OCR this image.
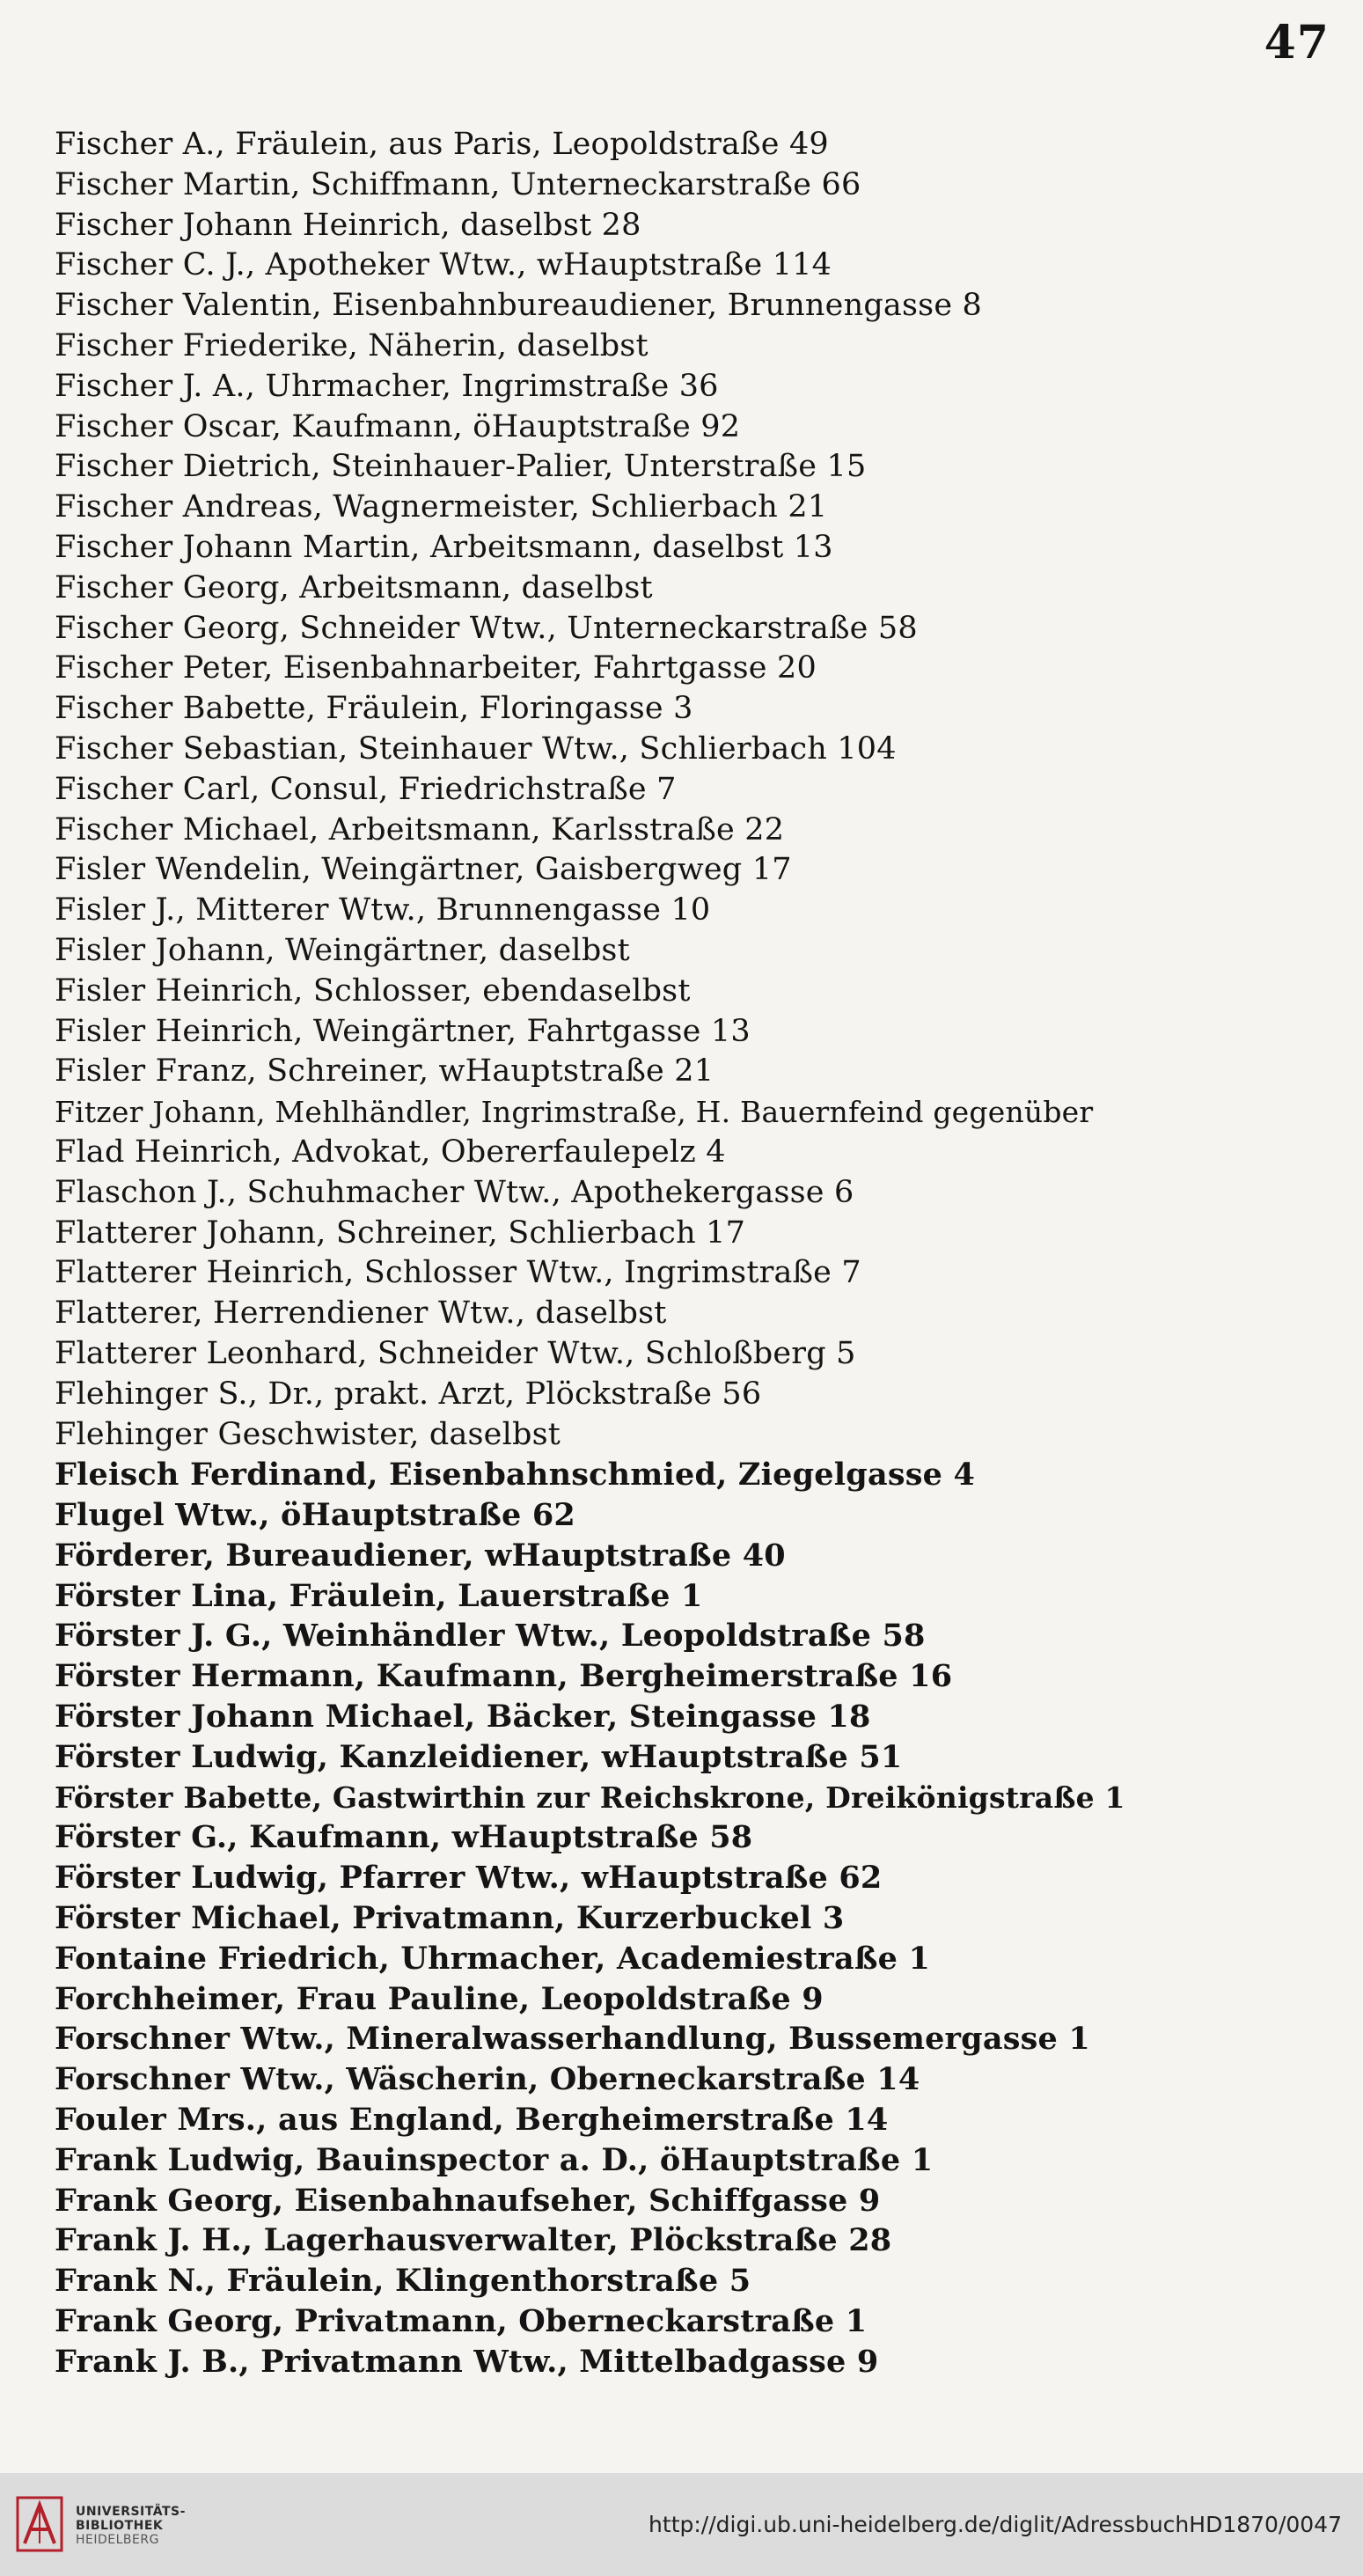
47
Fischer A., Fräulein, aus Paris, Leopoldstraße 49
Fischer Martin, Schiffmann, Unterneckarstraße 66
Fischer Johann Heinrich, daselbst 28
Fischer C. J., Apotheker Wtw., wHauptstraße 114
Fischer Valentin, Eisenbahnbureaudiener, Brunnengasse 8
Fischer Friederike, Näherin, daselbst
Fischer J. A., Uhrmacher, Ingrimstraße 36
Fischer Oscar, Kaufmann, öHauptstraße 92
Fischer Dietrich, Steinhauer-Palier, Unterstraße 15
Fischer Andreas, Wagnermeister, Schlierbach 21
Fischer Johann Martin, Arbeitsmann, daselbst 13
Fischer Georg, Arbeitsmann, daselbst
Fischer Georg, Schneider Wtw., Unterneckarstraße 58
Fischer Peter, Eisenbahnarbeiter, Fahrtgasse 20
Fischer Babette, Fräulein, Floringasse 3
Fischer Sebastian, Steinhauer Wtw., Schlierbach 104
Fischer Carl, Consul, Friedrichstraße 7
Fischer Michael, Arbeitsmann, Karlsstraße 22
Fisler Wendelin, Weingärtner, Gaisbergweg 17
Fisler J., Mitterer Wtw., Brunnengasse 10
Fisler Johann, Weingärtner, daselbst
Fisler Heinrich, Schlosser, ebendaselbst
Fisler Heinrich, Weingärtner, Fahrtgasse 13
Fisler Franz, Schreiner, wHauptstraße 21
Fitzer Johann, Mehlhändler, Ingrimstraße, H. Bauernfeind gegenüber
Flad Heinrich, Advokat, Obererfaulepelz 4
Flaschon J., Schuhmacher Wtw., Apothekergasse 6
Flatterer Johann, Schreiner, Schlierbach 17
Flatterer Heinrich, Schlosser Wtw., Ingrimstraße 7
Flatterer, Herrendiener Wtw., daselbst
Flatterer Leonhard, Schneider Wtw., Schloßberg 5
Flehinger S., Dr., prakt. Arzt, Plöckstraße 56
Flehinger Geschwister, daselbst
Fleisch Ferdinand, Eisenbahnschmied, Ziegelgasse 4
Flugel Wtw., öHauptstraße 62
Förderer, Bureaudiener, wHauptstraße 40
Förster Lina, Fräulein, Lauerstraße 1
Förster J. G., Weinhändler Wtw., Leopoldstraße 58
Förster Hermann, Kaufmann, Bergheimerstraße 16
Förster Johann Michael, Bäcker, Steingasse 18
Förster Ludwig, Kanzleidiener, wHauptstraße 51
Förster Babette, Gastwirthin zur Reichskrone, Dreikönigstraße 1
Förster G., Kaufmann, wHauptstraße 58
Förster Ludwig, Pfarrer Wtw., wHauptstraße 62
Förster Michael, Privatmann, Kurzerbuckel 3
Fontaine Friedrich, Uhrmacher, Academiestraße 1
Forchheimer, Frau Pauline, Leopoldstraße 9
Forschner Wtw., Mineralwasserhandlung, Bussemergasse 1
Forschner Wtw., Wäscherin, Oberneckarstraße 14
Fouler Mrs., aus England, Bergheimerstraße 14
Frank Ludwig, Bauinspector a. D., öHauptstraße 1
Frank Georg, Eisenbahnaufseher, Schiffgasse 9
Frank J. H., Lagerhausverwalter, Plöckstraße 28
Frank N., Fräulein, Klingenthorstraße 5
Frank Georg, Privatmann, Oberneckarstraße 1
Frank J. B., Privatmann Wtw., Mittelbadgasse 9
UNIVERSITÄTS-
BIBLIOTHEK
HEIDELBERG
http://digi.ub.uni-heidelberg.de/diglit/AdressbuchHD1870/0047
